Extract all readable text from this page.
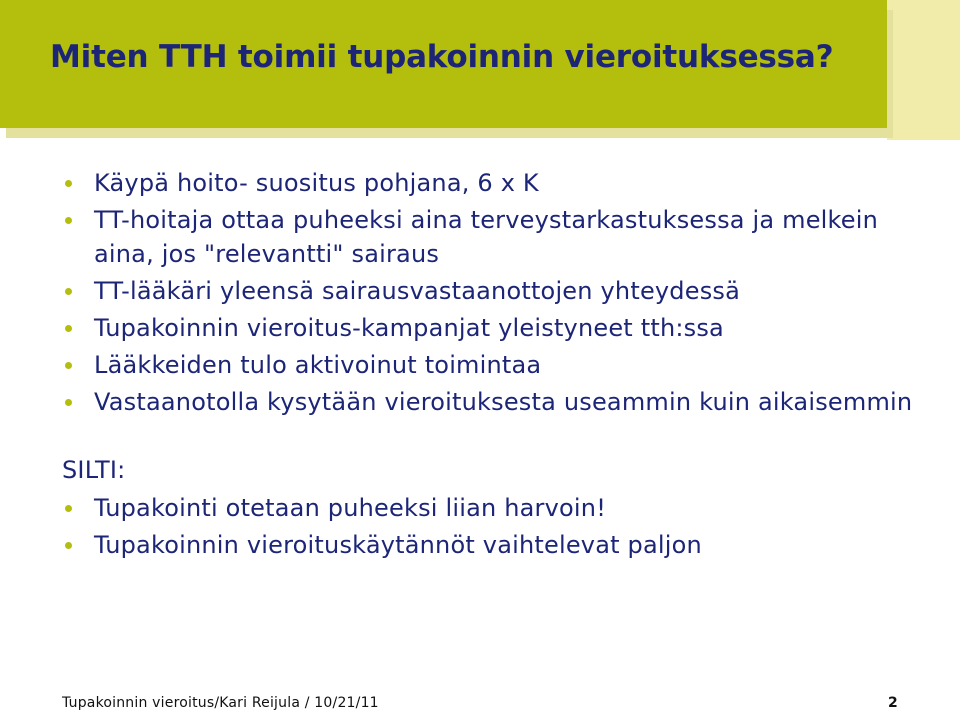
Miten TTH toimii tupakoinnin vieroituksessa?
Käypä hoito- suositus pohjana, 6 x K
TT-hoitaja ottaa puheeksi aina terveystarkastuksessa ja melkein aina, jos "relevantti" sairaus
TT-lääkäri yleensä sairausvastaanottojen yhteydessä
Tupakoinnin vieroitus-kampanjat yleistyneet tth:ssa
Lääkkeiden tulo aktivoinut toimintaa
Vastaanotolla kysytään vieroituksesta useammin kuin aikaisemmin
SILTI:
Tupakointi otetaan puheeksi liian harvoin!
Tupakoinnin vieroituskäytännöt vaihtelevat paljon
Tupakoinnin vieroitus/Kari Reijula / 10/21/11	2
